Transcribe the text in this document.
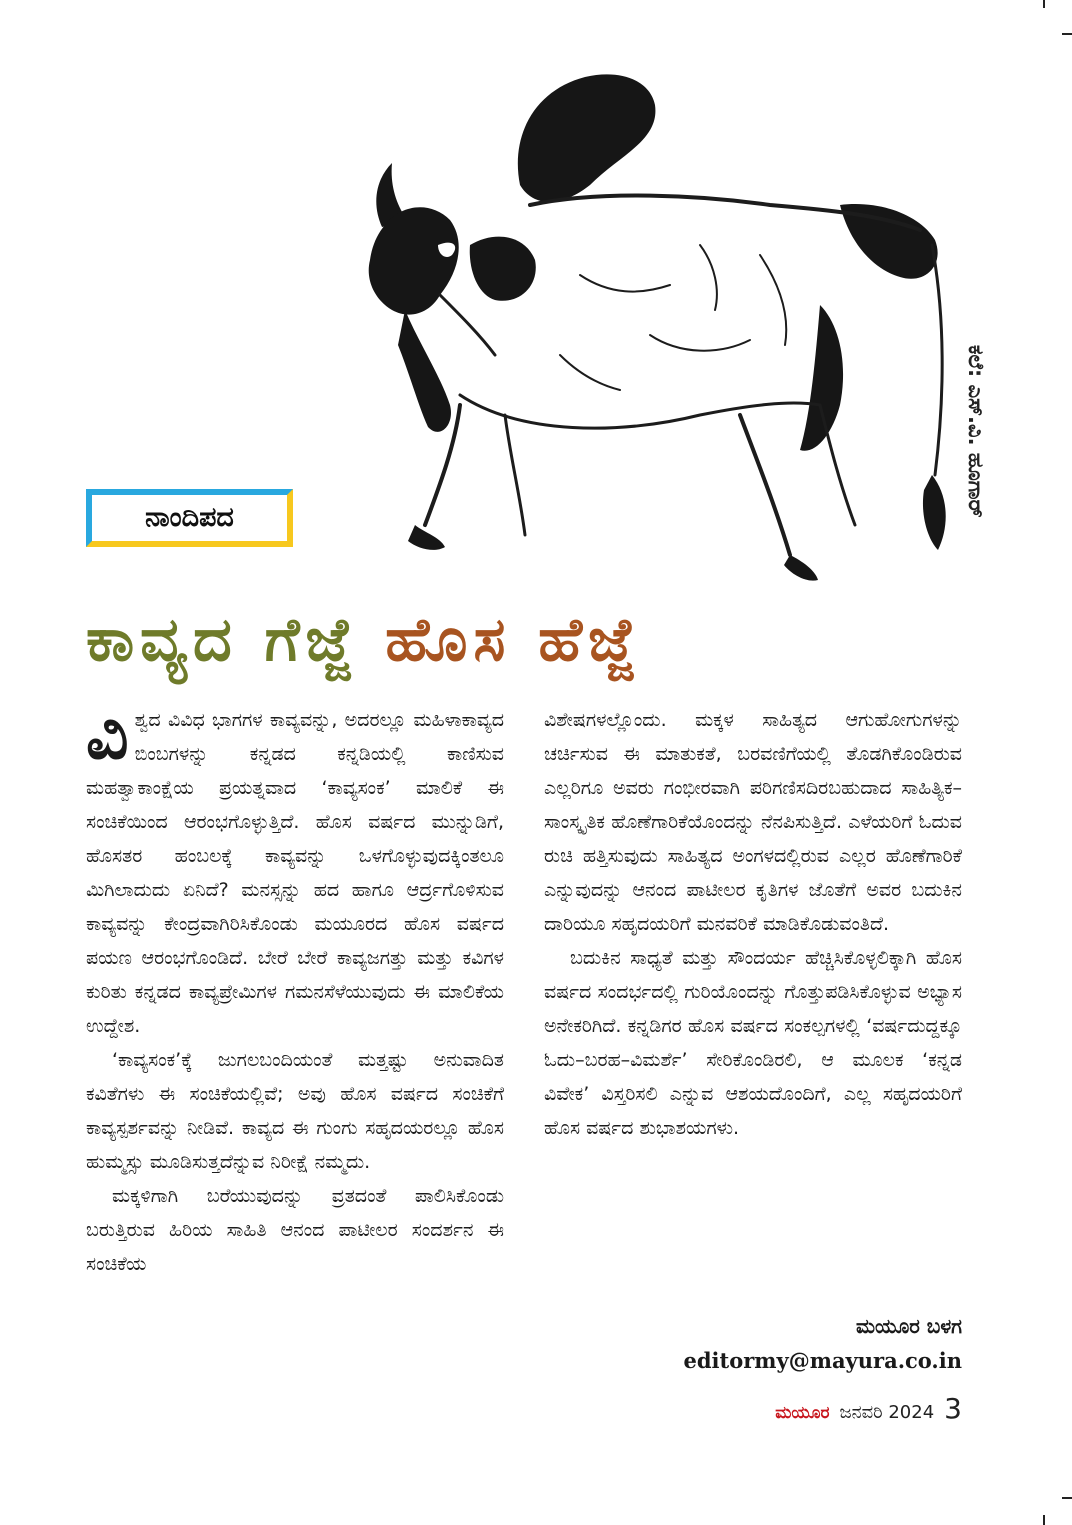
ಕಲೆ: ಎಸ್.ವಿ. ಹೂಗಾರ್
ನಾಂದಿಪದ
ಕಾವ್ಯದ ಗೆಜ್ಜೆ ಹೊಸ ಹೆಜ್ಜೆ

ವಿಶ್ವದ ವಿವಿಧ ಭಾಗಗಳ ಕಾವ್ಯವನ್ನು, ಅದರಲ್ಲೂ ಮಹಿಳಾಕಾವ್ಯದ ಬಿಂಬಗಳನ್ನು ಕನ್ನಡದ ಕನ್ನಡಿಯಲ್ಲಿ ಕಾಣಿಸುವ ಮಹತ್ವಾಕಾಂಕ್ಷೆಯ ಪ್ರಯತ್ನವಾದ ‘ಕಾವ್ಯಸಂಕ’ ಮಾಲಿಕೆ ಈ ಸಂಚಿಕೆಯಿಂದ ಆರಂಭಗೊಳ್ಳುತ್ತಿದೆ. ಹೊಸ ವರ್ಷದ ಮುನ್ನುಡಿಗೆ, ಹೊಸತರ ಹಂಬಲಕ್ಕೆ ಕಾವ್ಯವನ್ನು ಒಳಗೊಳ್ಳುವುದಕ್ಕಿಂತಲೂ ಮಿಗಿಲಾದುದು ಏನಿದೆ? ಮನಸ್ಸನ್ನು ಹದ ಹಾಗೂ ಆರ್ದ್ರಗೊಳಿಸುವ ಕಾವ್ಯವನ್ನು ಕೇಂದ್ರವಾಗಿರಿಸಿಕೊಂಡು ಮಯೂರದ ಹೊಸ ವರ್ಷದ ಪಯಣ ಆರಂಭಗೊಂಡಿದೆ. ಬೇರೆ ಬೇರೆ ಕಾವ್ಯಜಗತ್ತು ಮತ್ತು ಕವಿಗಳ ಕುರಿತು ಕನ್ನಡದ ಕಾವ್ಯಪ್ರೇಮಿಗಳ ಗಮನಸೆಳೆಯುವುದು ಈ ಮಾಲಿಕೆಯ ಉದ್ದೇಶ.

‘ಕಾವ್ಯಸಂಕ’ಕ್ಕೆ ಜುಗಲಬಂದಿಯಂತೆ ಮತ್ತಷ್ಟು ಅನುವಾದಿತ ಕವಿತೆಗಳು ಈ ಸಂಚಿಕೆಯಲ್ಲಿವೆ; ಅವು ಹೊಸ ವರ್ಷದ ಸಂಚಿಕೆಗೆ ಕಾವ್ಯಸ್ಪರ್ಶವನ್ನು ನೀಡಿವೆ. ಕಾವ್ಯದ ಈ ಗುಂಗು ಸಹೃದಯರಲ್ಲೂ ಹೊಸ ಹುಮ್ಮಸ್ಸು ಮೂಡಿಸುತ್ತದೆನ್ನುವ ನಿರೀಕ್ಷೆ ನಮ್ಮದು.

ಮಕ್ಕಳಿಗಾಗಿ ಬರೆಯುವುದನ್ನು ವ್ರತದಂತೆ ಪಾಲಿಸಿಕೊಂಡು ಬರುತ್ತಿರುವ ಹಿರಿಯ ಸಾಹಿತಿ ಆನಂದ ಪಾಟೀಲರ ಸಂದರ್ಶನ ಈ ಸಂಚಿಕೆಯ

ವಿಶೇಷಗಳಲ್ಲೊಂದು. ಮಕ್ಕಳ ಸಾಹಿತ್ಯದ ಆಗುಹೋಗುಗಳನ್ನು ಚರ್ಚಿಸುವ ಈ ಮಾತುಕತೆ, ಬರವಣಿಗೆಯಲ್ಲಿ ತೊಡಗಿಕೊಂಡಿರುವ ಎಲ್ಲರಿಗೂ ಅವರು ಗಂಭೀರವಾಗಿ ಪರಿಗಣಿಸದಿರಬಹುದಾದ ಸಾಹಿತ್ಯಿಕ–ಸಾಂಸ್ಕೃತಿಕ ಹೊಣೆಗಾರಿಕೆಯೊಂದನ್ನು ನೆನಪಿಸುತ್ತಿದೆ. ಎಳೆಯರಿಗೆ ಓದುವ ರುಚಿ ಹತ್ತಿಸುವುದು ಸಾಹಿತ್ಯದ ಅಂಗಳದಲ್ಲಿರುವ ಎಲ್ಲರ ಹೊಣೆಗಾರಿಕೆ ಎನ್ನುವುದನ್ನು ಆನಂದ ಪಾಟೀಲರ ಕೃತಿಗಳ ಜೊತೆಗೆ ಅವರ ಬದುಕಿನ ದಾರಿಯೂ ಸಹೃದಯರಿಗೆ ಮನವರಿಕೆ ಮಾಡಿಕೊಡುವಂತಿದೆ.

ಬದುಕಿನ ಸಾಧ್ಯತೆ ಮತ್ತು ಸೌಂದರ್ಯ ಹೆಚ್ಚಿಸಿಕೊಳ್ಳಲಿಕ್ಕಾಗಿ ಹೊಸ ವರ್ಷದ ಸಂದರ್ಭದಲ್ಲಿ ಗುರಿಯೊಂದನ್ನು ಗೊತ್ತುಪಡಿಸಿಕೊಳ್ಳುವ ಅಭ್ಯಾಸ ಅನೇಕರಿಗಿದೆ. ಕನ್ನಡಿಗರ ಹೊಸ ವರ್ಷದ ಸಂಕಲ್ಪಗಳಲ್ಲಿ ‘ವರ್ಷದುದ್ದಕ್ಕೂ ಓದು–ಬರಹ–ವಿಮರ್ಶೆ’ ಸೇರಿಕೊಂಡಿರಲಿ, ಆ ಮೂಲಕ ‘ಕನ್ನಡ ವಿವೇಕ’ ವಿಸ್ತರಿಸಲಿ ಎನ್ನುವ ಆಶಯದೊಂದಿಗೆ, ಎಲ್ಲ ಸಹೃದಯರಿಗೆ ಹೊಸ ವರ್ಷದ ಶುಭಾಶಯಗಳು.

ಮಯೂರ ಬಳಗ
editormy@mayura.co.in
ಮಯೂರ ಜನವರಿ 2024 3
